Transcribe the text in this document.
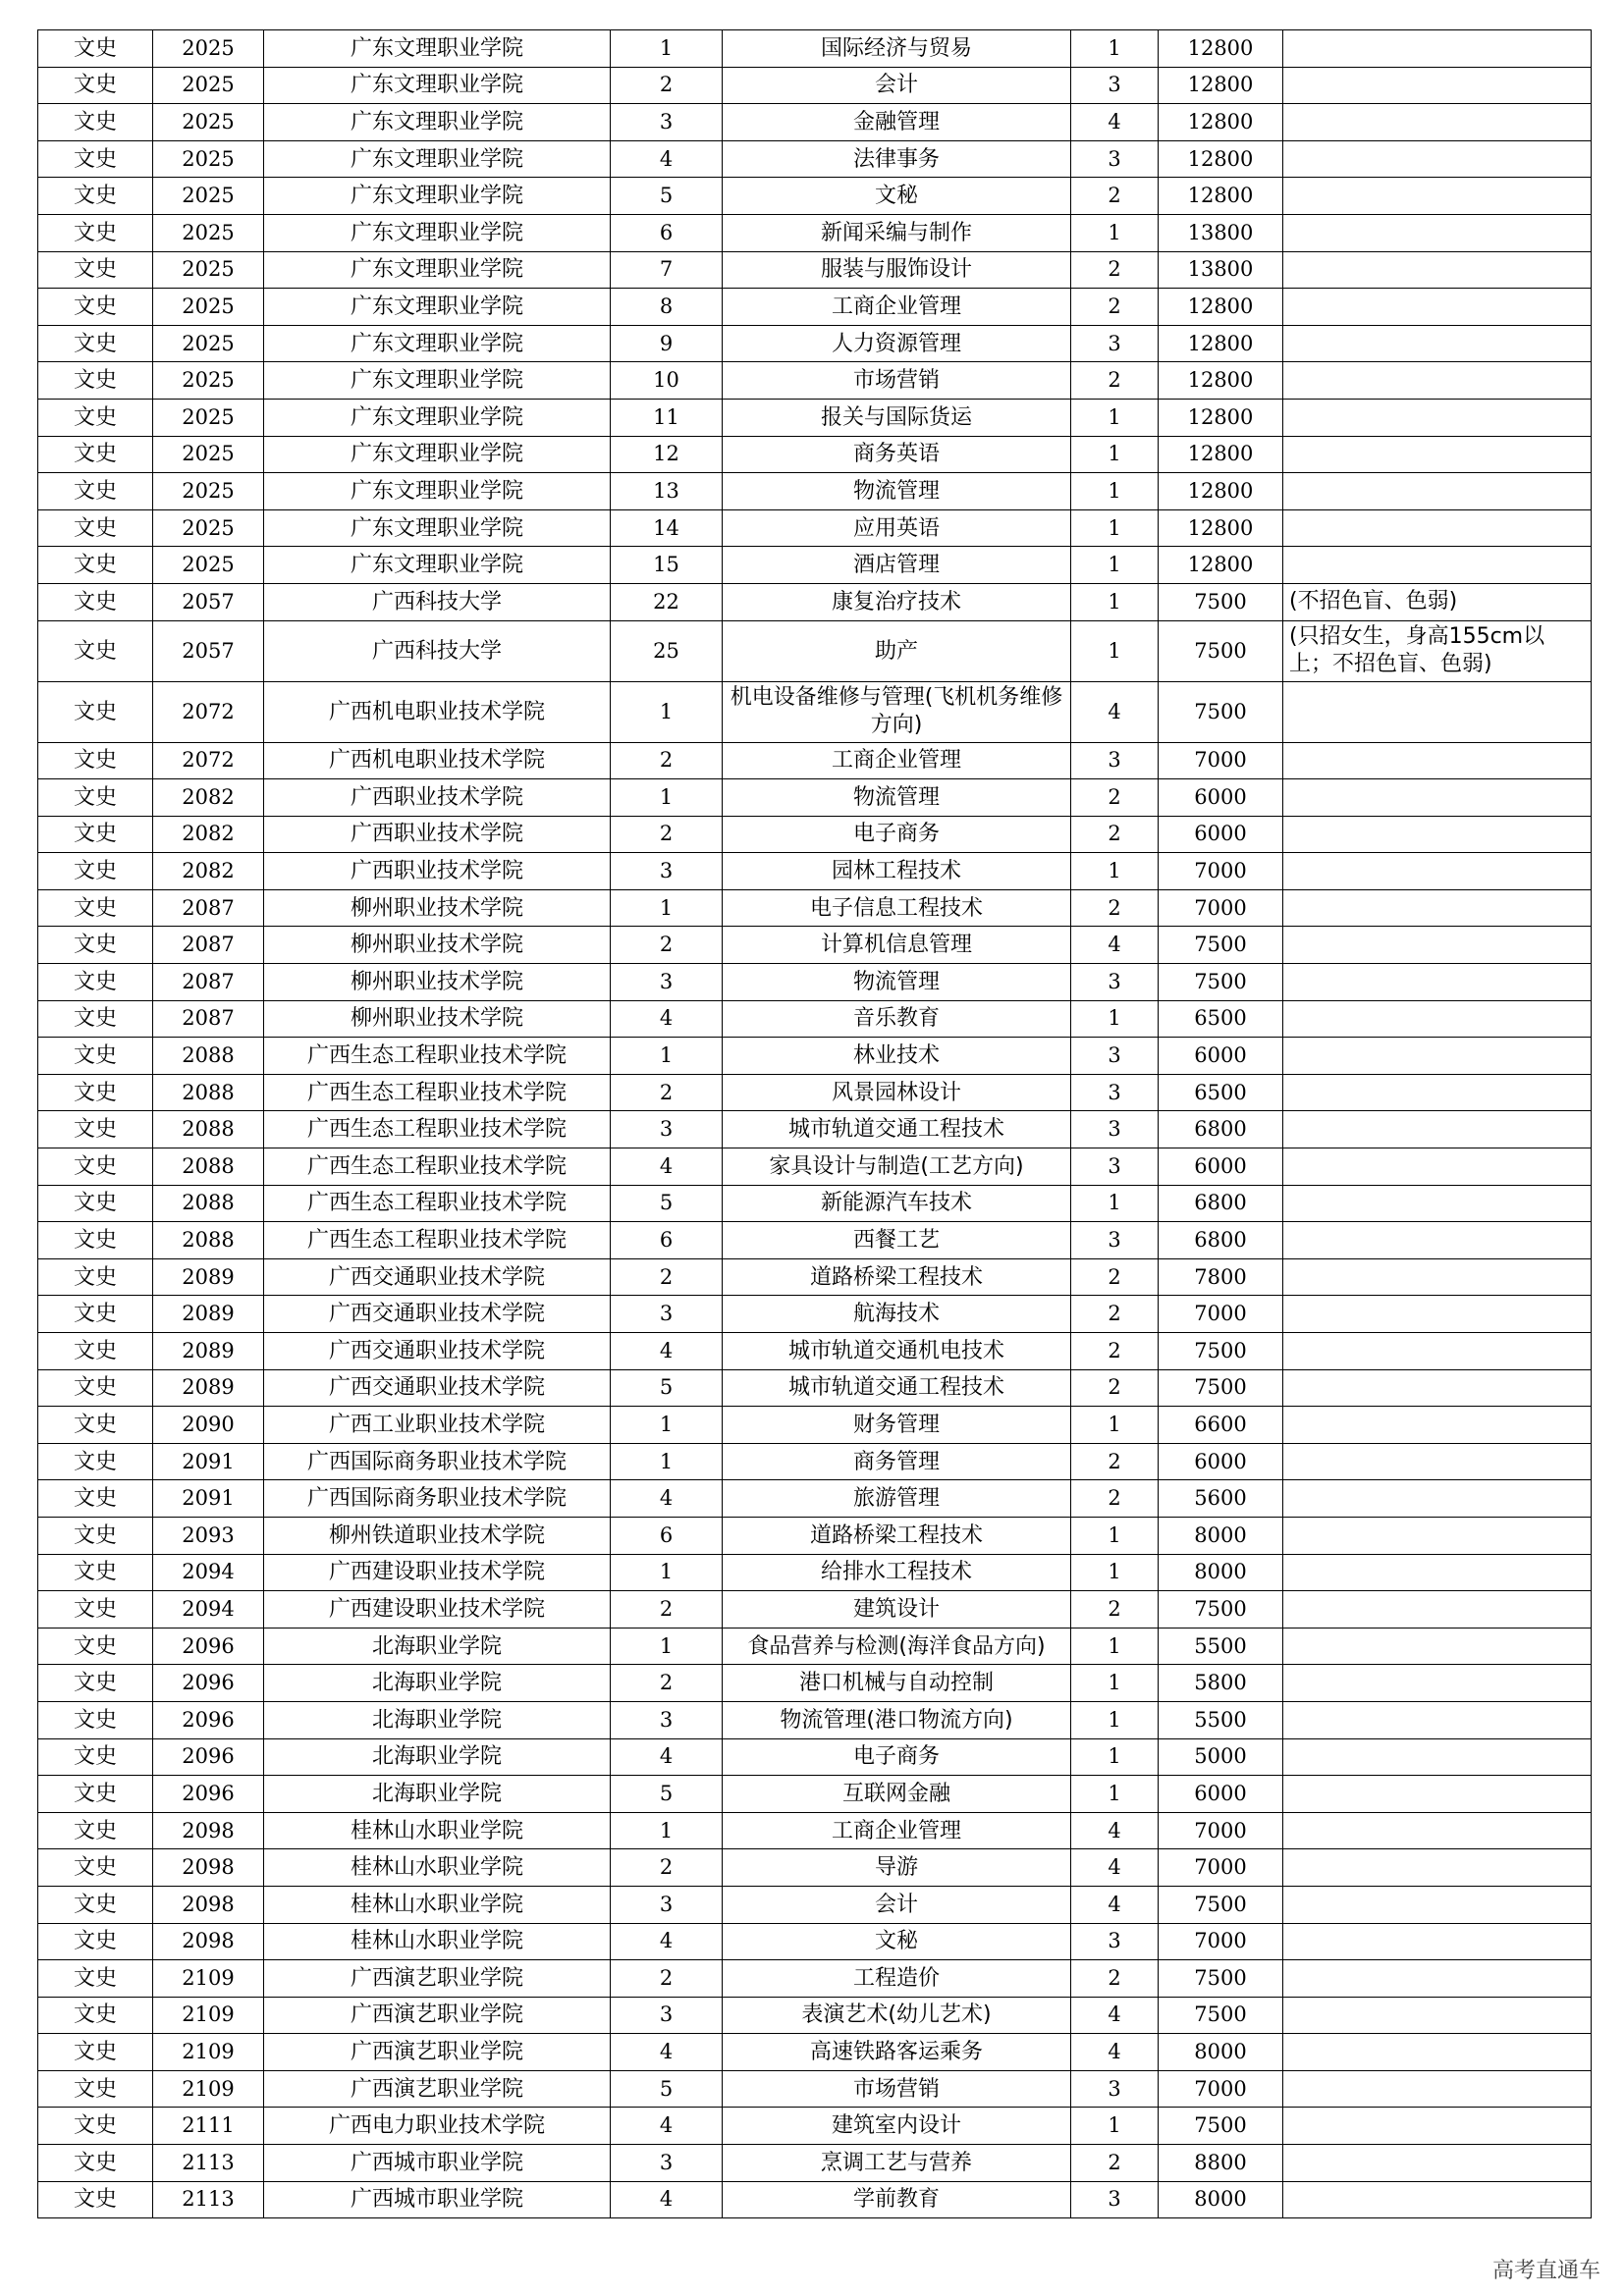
文史	2025	广东文理职业学院	1	国际经济与贸易	1	12800	
文史	2025	广东文理职业学院	2	会计	3	12800	
文史	2025	广东文理职业学院	3	金融管理	4	12800	
文史	2025	广东文理职业学院	4	法律事务	3	12800	
文史	2025	广东文理职业学院	5	文秘	2	12800	
文史	2025	广东文理职业学院	6	新闻采编与制作	1	13800	
文史	2025	广东文理职业学院	7	服装与服饰设计	2	13800	
文史	2025	广东文理职业学院	8	工商企业管理	2	12800	
文史	2025	广东文理职业学院	9	人力资源管理	3	12800	
文史	2025	广东文理职业学院	10	市场营销	2	12800	
文史	2025	广东文理职业学院	11	报关与国际货运	1	12800	
文史	2025	广东文理职业学院	12	商务英语	1	12800	
文史	2025	广东文理职业学院	13	物流管理	1	12800	
文史	2025	广东文理职业学院	14	应用英语	1	12800	
文史	2025	广东文理职业学院	15	酒店管理	1	12800	
文史	2057	广西科技大学	22	康复治疗技术	1	7500	(不招色盲、色弱)
文史	2057	广西科技大学	25	助产	1	7500	(只招女生，身高155cm以上；不招色盲、色弱)
文史	2072	广西机电职业技术学院	1	机电设备维修与管理(飞机机务维修方向)	4	7500	
文史	2072	广西机电职业技术学院	2	工商企业管理	3	7000	
文史	2082	广西职业技术学院	1	物流管理	2	6000	
文史	2082	广西职业技术学院	2	电子商务	2	6000	
文史	2082	广西职业技术学院	3	园林工程技术	1	7000	
文史	2087	柳州职业技术学院	1	电子信息工程技术	2	7000	
文史	2087	柳州职业技术学院	2	计算机信息管理	4	7500	
文史	2087	柳州职业技术学院	3	物流管理	3	7500	
文史	2087	柳州职业技术学院	4	音乐教育	1	6500	
文史	2088	广西生态工程职业技术学院	1	林业技术	3	6000	
文史	2088	广西生态工程职业技术学院	2	风景园林设计	3	6500	
文史	2088	广西生态工程职业技术学院	3	城市轨道交通工程技术	3	6800	
文史	2088	广西生态工程职业技术学院	4	家具设计与制造(工艺方向)	3	6000	
文史	2088	广西生态工程职业技术学院	5	新能源汽车技术	1	6800	
文史	2088	广西生态工程职业技术学院	6	西餐工艺	3	6800	
文史	2089	广西交通职业技术学院	2	道路桥梁工程技术	2	7800	
文史	2089	广西交通职业技术学院	3	航海技术	2	7000	
文史	2089	广西交通职业技术学院	4	城市轨道交通机电技术	2	7500	
文史	2089	广西交通职业技术学院	5	城市轨道交通工程技术	2	7500	
文史	2090	广西工业职业技术学院	1	财务管理	1	6600	
文史	2091	广西国际商务职业技术学院	1	商务管理	2	6000	
文史	2091	广西国际商务职业技术学院	4	旅游管理	2	5600	
文史	2093	柳州铁道职业技术学院	6	道路桥梁工程技术	1	8000	
文史	2094	广西建设职业技术学院	1	给排水工程技术	1	8000	
文史	2094	广西建设职业技术学院	2	建筑设计	2	7500	
文史	2096	北海职业学院	1	食品营养与检测(海洋食品方向)	1	5500	
文史	2096	北海职业学院	2	港口机械与自动控制	1	5800	
文史	2096	北海职业学院	3	物流管理(港口物流方向)	1	5500	
文史	2096	北海职业学院	4	电子商务	1	5000	
文史	2096	北海职业学院	5	互联网金融	1	6000	
文史	2098	桂林山水职业学院	1	工商企业管理	4	7000	
文史	2098	桂林山水职业学院	2	导游	4	7000	
文史	2098	桂林山水职业学院	3	会计	4	7500	
文史	2098	桂林山水职业学院	4	文秘	3	7000	
文史	2109	广西演艺职业学院	2	工程造价	2	7500	
文史	2109	广西演艺职业学院	3	表演艺术(幼儿艺术)	4	7500	
文史	2109	广西演艺职业学院	4	高速铁路客运乘务	4	8000	
文史	2109	广西演艺职业学院	5	市场营销	3	7000	
文史	2111	广西电力职业技术学院	4	建筑室内设计	1	7500	
文史	2113	广西城市职业学院	3	烹调工艺与营养	2	8800	
文史	2113	广西城市职业学院	4	学前教育	3	8000	
高考直通车
